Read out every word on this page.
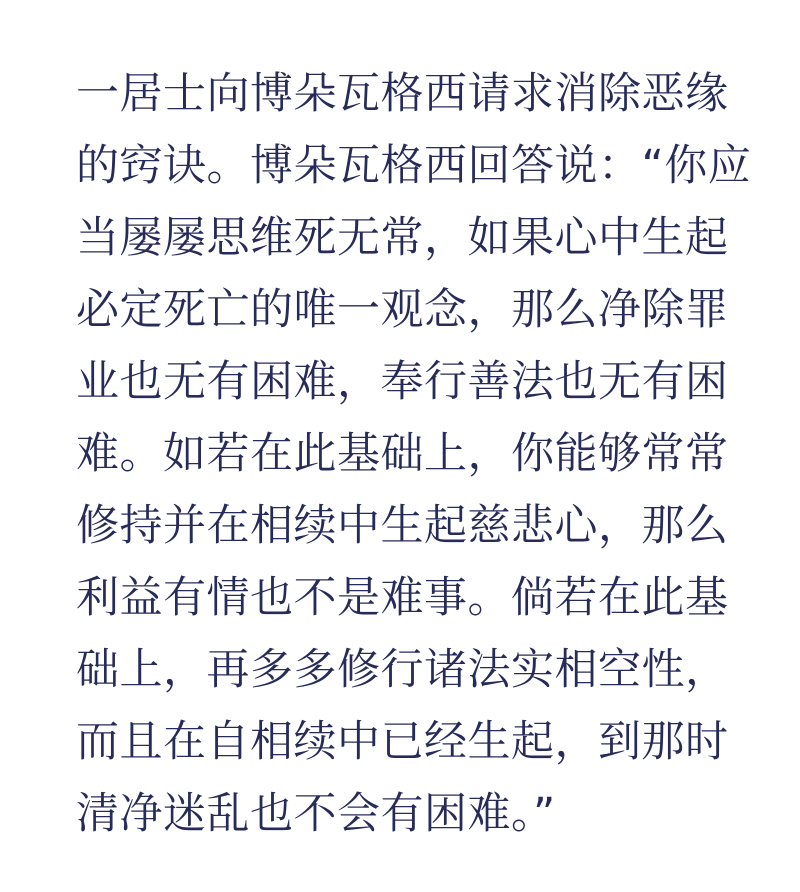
一居士向博朵瓦格西请求消除恶缘
的窍诀。博朵瓦格西回答说：“你应
当屡屡思维死无常，如果心中生起
必定死亡的唯一观念，那么净除罪
业也无有困难，奉行善法也无有困
难。如若在此基础上，你能够常常
修持并在相续中生起慈悲心，那么
利益有情也不是难事。倘若在此基
础上，再多多修行诸法实相空性，
而且在自相续中已经生起，到那时
清净迷乱也不会有困难。”
